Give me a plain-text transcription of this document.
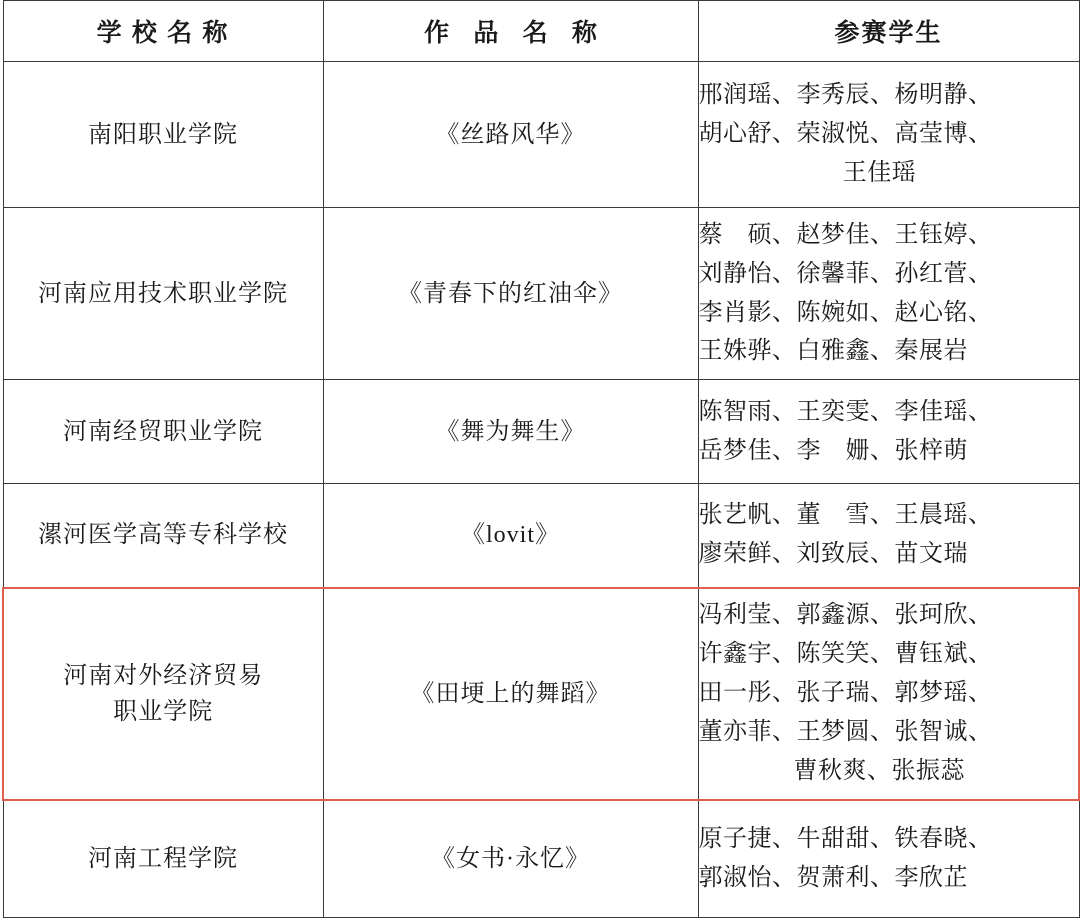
学 校 名 称	作 品 名 称	参赛学生
南阳职业学院	《丝路风华》	邢润瑶、李秀辰、杨明静、
胡心舒、荣淑悦、高莹博、
王佳瑶

河南应用技术职业学院	《青春下的红油伞》	蔡　硕、赵梦佳、王钰婷、
刘静怡、徐馨菲、孙红菅、
李肖影、陈婉如、赵心铭、
王姝骅、白雅鑫、秦展岩

河南经贸职业学院	《舞为舞生》	陈智雨、王奕雯、李佳瑶、
岳梦佳、李　姗、张梓萌

漯河医学高等专科学校	《lovit》	张艺帆、董　雪、王晨瑶、
廖荣鲜、刘致辰、苗文瑞

河南对外经济贸易
职业学院	《田埂上的舞蹈》	冯利莹、郭鑫源、张珂欣、
许鑫宇、陈笑笑、曹钰斌、
田一彤、张子瑞、郭梦瑶、
董亦菲、王梦圆、张智诚、
曹秋爽、张振蕊

河南工程学院	《女书·永忆》	原子捷、牛甜甜、铁春晓、
郭淑怡、贺萧利、李欣芷
